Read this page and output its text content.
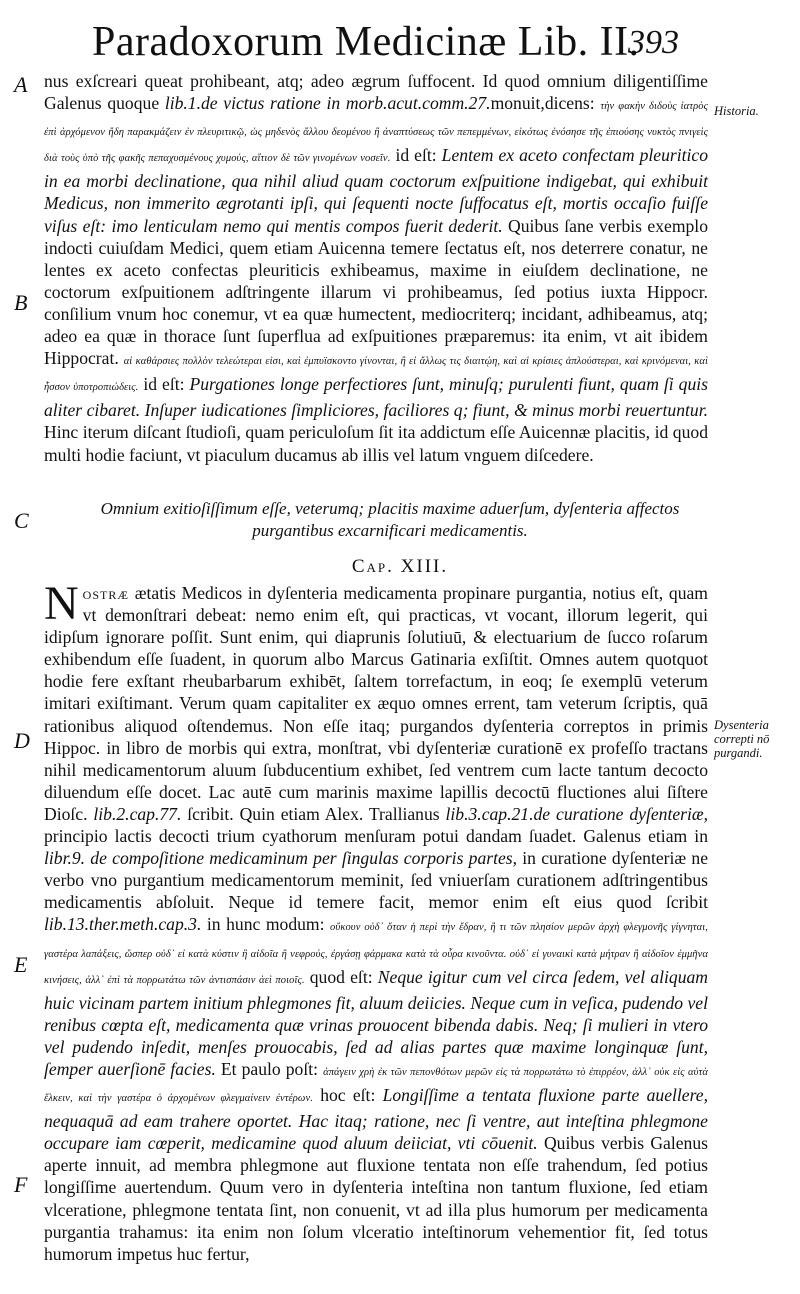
Paradoxorum Medicinæ Lib. II.
393
A
B
C
D
E
F
Historia.
Dysenteria
correpti nō
purgandi.

nus exſcreari queat prohibeant, atq; adeo ægrum ſuffocent. Id quod omnium diligentiſſime Galenus quoque lib.1.de victus ratione in morb.acut.comm.27.monuit,dicens: τὴν φακὴν διδοὺς ἰατρὸς ἐπὶ ἀρχόμενον ἤδη παρακμάζειν ἐν πλευριτικῷ, ὡς μηδενὸς ἄλλου δεομένου ἢ ἀναπτύσεως τῶν πεπεμμένων, εἰκότως ἐνόσησε τῆς ἐπιούσης νυκτὸς πνιγεὶς διὰ τοὺς ὑπὸ τῆς φακῆς πεπαχυσμένους χυμούς, αἴτιον δὲ τῶν γινομένων νοσεῖν. id eſt: Lentem ex aceto confectam pleuritico in ea morbi declinatione, qua nihil aliud quam coctorum exſpuitione indigebat, qui exhibuit Medicus, non immerito ægrotanti ipſi, qui ſequenti nocte ſuffocatus eſt, mortis occaſio fuiſſe viſus eſt: imo lenticulam nemo qui mentis compos fuerit dederit. Quibus ſane verbis exemplo indocti cuiuſdam Medici, quem etiam Auicenna temere ſectatus eſt, nos deterrere conatur, ne lentes ex aceto confectas pleuriticis exhibeamus, maxime in eiuſdem declinatione, ne coctorum exſpuitionem adſtringente illarum vi prohibeamus, ſed potius iuxta Hippocr. conſilium vnum hoc conemur, vt ea quæ humectent, mediocriterq; incidant, adhibeamus, atq; adeo ea quæ in thorace ſunt ſuperflua ad exſpuitiones præparemus: ita enim, vt ait ibidem Hippocrat. αἱ καθάρσιες πολλὸν τελεώτεραι εἰσι, καὶ ἐμπυϊσκοντο γίνονται, ἢ εἰ ἄλλως τις διαιτῴη, καὶ αἱ κρίσιες ἁπλούστεραι, καὶ κρινόμεναι, καὶ ἧσσον ὑποτροπιώδεις. id eſt: Purgationes longe perfectiores ſunt, minuſq; purulenti fiunt, quam ſi quis aliter cibaret. Inſuper iudicationes ſimpliciores, faciliores q; fiunt, & minus morbi reuertuntur. Hinc iterum diſcant ſtudioſi, quam periculoſum ſit ita addictum eſſe Auicennæ placitis, id quod multi hodie faciunt, vt piaculum ducamus ab illis vel latum vnguem diſcedere.

Omnium exitioſiſſimum eſſe, veterumq; placitis maxime aduerſum, dyſenteria affectos
purgantibus excarnificari medicamentis.
Cap. XIII.

Nostræ ætatis Medicos in dyſenteria medicamenta propinare purgantia, notius eſt, quam vt demonſtrari debeat: nemo enim eſt, qui practicas, vt vocant, illorum legerit, qui idipſum ignorare poſſit. Sunt enim, qui diaprunis ſolutiuū, & electuarium de ſucco roſarum exhibendum eſſe ſuadent, in quorum albo Marcus Gatinaria exſiſtit. Omnes autem quotquot hodie fere exſtant rheubarbarum exhibēt, ſaltem torrefactum, in eoq; ſe exemplū veterum imitari exiſtimant. Verum quam capitaliter ex æquo omnes errent, tam veterum ſcriptis, quā rationibus aliquod oſtendemus. Non eſſe itaq; purgandos dyſenteria correptos in primis Hippoc. in libro de morbis qui extra, monſtrat, vbi dyſenteriæ curationē ex profeſſo tractans nihil medicamentorum aluum ſubducentium exhibet, ſed ventrem cum lacte tantum decocto diluendum eſſe docet. Lac autē cum marinis maxime lapillis decoctū fluctiones alui ſiſtere Dioſc. lib.2.cap.77. ſcribit. Quin etiam Alex. Trallianus lib.3.cap.21.de curatione dyſenteriæ, principio lactis decocti trium cyathorum menſuram potui dandam ſuadet. Galenus etiam in libr.9. de compoſitione medicaminum per ſingulas corporis partes, in curatione dyſenteriæ ne verbo vno purgantium medicamentorum meminit, ſed vniuerſam curationem adſtringentibus medicamentis abſoluit. Neque id temere facit, memor enim eſt eius quod ſcribit lib.13.ther.meth.cap.3. in hunc modum: οὔκουν οὐδ᾽ ὅταν ἡ περὶ τὴν ἕδραν, ἢ τι τῶν πλησίον μερῶν ἀρχὴ φλεγμονῆς γίγνηται, γαστέρα λαπάξεις, ὥσπερ οὐδ᾽ εἰ κατὰ κύστιν ἢ αἰδοῖα ἢ νεφρούς, ἐργάσῃ φάρμακα κατὰ τὰ οὖρα κινοῦντα. οὐδ᾽ εἰ γυναικὶ κατὰ μήτραν ἢ αἰδοῖον ἐμμῆνα κινήσεις, ἀλλ᾽ ἐπὶ τὰ πορρωτάτω τῶν ἀντισπάσιν ἀεὶ ποιοῖς. quod eſt: Neque igitur cum vel circa ſedem, vel aliquam huic vicinam partem initium phlegmones fit, aluum deiicies. Neque cum in veſica, pudendo vel renibus cœpta eſt, medicamenta quæ vrinas prouocent bibenda dabis. Neq; ſi mulieri in vtero vel pudendo inſedit, menſes prouocabis, ſed ad alias partes quæ maxime longinquæ ſunt, ſemper auerſionē facies. Et paulo poſt: ἀπάγειν χρὴ ἐκ τῶν πεπονθότων μερῶν εἰς τὰ πορρωτάτω τὸ ἐπιρρέον, ἀλλ᾽ οὐκ εἰς αὐτὰ ἕλκειν, καὶ τὴν γαστέρα ὁ ἀρχομένων φλεγμαίνειν ἐντέρων. hoc eſt: Longiſſime a tentata fluxione parte auellere, nequaquā ad eam trahere oportet. Hac itaq; ratione, nec ſi ventre, aut inteſtina phlegmone occupare iam cœperit, medicamine quod aluum deiiciat, vti cōuenit. Quibus verbis Galenus aperte innuit, ad membra phlegmone aut fluxione tentata non eſſe trahendum, ſed potius longiſſime auertendum. Quum vero in dyſenteria inteſtina non tantum fluxione, ſed etiam vlceratione, phlegmone tentata ſint, non conuenit, vt ad illa plus humorum per medicamenta purgantia trahamus: ita enim non ſolum vlceratio inteſtinorum vehementior fit, ſed totus humorum impetus huc fertur,
